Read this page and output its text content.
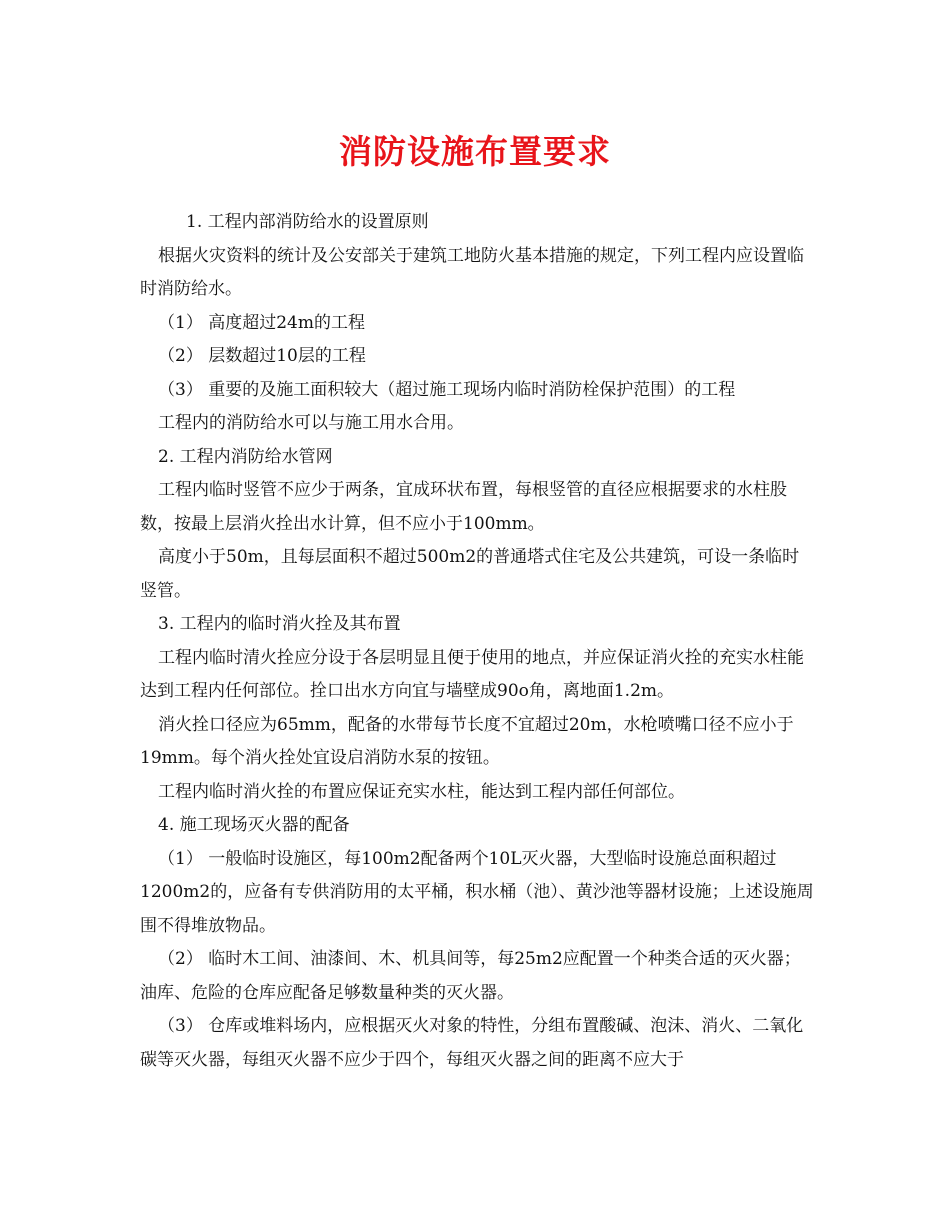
消防设施布置要求

1. 工程内部消防给水的设置原则

根据火灾资料的统计及公安部关于建筑工地防火基本措施的规定，下列工程内应设置临时消防给水。

（1） 高度超过24m的工程

（2） 层数超过10层的工程

（3） 重要的及施工面积较大（超过施工现场内临时消防栓保护范围）的工程

工程内的消防给水可以与施工用水合用。

2. 工程内消防给水管网

工程内临时竖管不应少于两条，宜成环状布置，每根竖管的直径应根据要求的水柱股数，按最上层消火拴出水计算，但不应小于100mm。

高度小于50m，且每层面积不超过500m2的普通塔式住宅及公共建筑，可设一条临时竖管。

3. 工程内的临时消火拴及其布置

工程内临时清火拴应分设于各层明显且便于使用的地点，并应保证消火拴的充实水柱能达到工程内任何部位。拴口出水方向宜与墙壁成90o角，离地面1.2m。

消火拴口径应为65mm，配备的水带每节长度不宜超过20m，水枪喷嘴口径不应小于19mm。每个消火拴处宜设启消防水泵的按钮。

工程内临时消火拴的布置应保证充实水柱，能达到工程内部任何部位。

4. 施工现场灭火器的配备

（1） 一般临时设施区，每100m2配备两个10L灭火器，大型临时设施总面积超过1200m2的，应备有专供消防用的太平桶，积水桶（池）、黄沙池等器材设施；上述设施周围不得堆放物品。

（2） 临时木工间、油漆间、木、机具间等，每25m2应配置一个种类合适的灭火器；油库、危险的仓库应配备足够数量种类的灭火器。

（3） 仓库或堆料场内，应根据灭火对象的特性，分组布置酸碱、泡沫、消火、二氧化碳等灭火器，每组灭火器不应少于四个，每组灭火器之间的距离不应大于
